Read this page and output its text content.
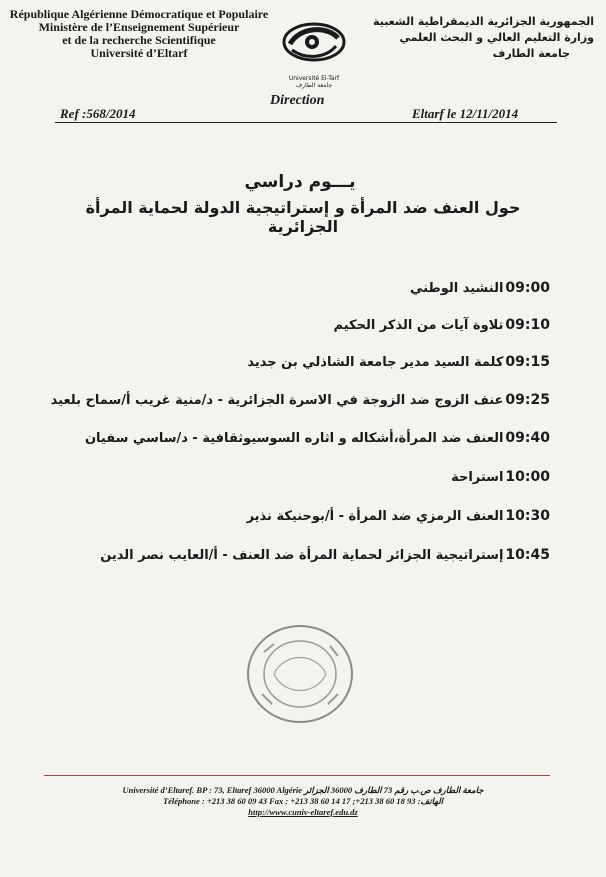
République Algérienne Démocratique et Populaire
Ministère de l’Enseignement Supérieur
et de la recherche Scientifique
Université d’Eltarf
Université El-Tarf
جامعة الطارف
الجمهورية الجزائرية الديمقراطية الشعبية
وزارة التعليم العالي و البحث العلمي
جامعة الطارف
Direction
Ref :568/2014	Eltarf le 12/11/2014
يـــوم دراسي
حول العنف ضد المرأة و إستراتيجية الدولة لحماية المرأة الجزائرية
09:00النشيد الوطني
09:10تلاوة آيات من الذكر الحكيم
09:15كلمة السيد مدير جامعة الشاذلي بن جديد
09:25عنف الزوج ضد الزوجة في الاسرة الجزائرية - د/منية غريب أ/سماح بلعيد
09:40العنف ضد المرأة،أشكاله و اثاره السوسيوثقافية - د/ساسي سفيان
10:00استراحة
10:30العنف الرمزي ضد المرأة - أ/بوحنيكة نذير
10:45إستراتيجية الجزائر لحماية المرأة ضد العنف - أ/العايب نصر الدين
Université d’Eltaref. BP : 73, Eltaref 36000 Algérie جامعة الطارف ص.ب رقم 73 الطارف 36000 الجزائر
Téléphone : +213 38 60 09 43 Fax : +213 38 60 14 17 ;+213 38 60 18 93 :الهاتف
http://www.cuniv-eltaref.edu.dz
